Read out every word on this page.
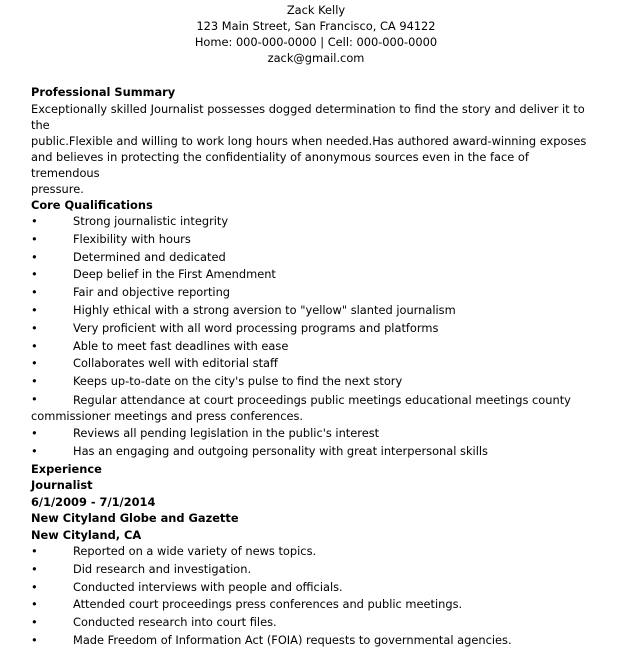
Zack Kelly
123 Main Street, San Francisco, CA 94122
Home: 000-000-0000 | Cell: 000-000-0000
zack@gmail.com
Professional Summary
Exceptionally skilled Journalist possesses dogged determination to find the story and deliver it to the
public.Flexible and willing to work long hours when needed.Has authored award-winning exposes
and believes in protecting the confidentiality of anonymous sources even in the face of tremendous
pressure.
Core Qualifications
•	Strong journalistic integrity
•	Flexibility with hours
•	Determined and dedicated
•	Deep belief in the First Amendment
•	Fair and objective reporting
•	Highly ethical with a strong aversion to "yellow" slanted journalism
•	Very proficient with all word processing programs and platforms
•	Able to meet fast deadlines with ease
•	Collaborates well with editorial staff
•	Keeps up-to-date on the city's pulse to find the next story
•	Regular attendance at court proceedings public meetings educational meetings county commissioner meetings and press conferences.
•	Reviews all pending legislation in the public's interest
•	Has an engaging and outgoing personality with great interpersonal skills
Experience
Journalist
6/1/2009 - 7/1/2014
New Cityland Globe and Gazette
New Cityland, CA
•	Reported on a wide variety of news topics.
•	Did research and investigation.
•	Conducted interviews with people and officials.
•	Attended court proceedings press conferences and public meetings.
•	Conducted research into court files.
•	Made Freedom of Information Act (FOIA) requests to governmental agencies.
